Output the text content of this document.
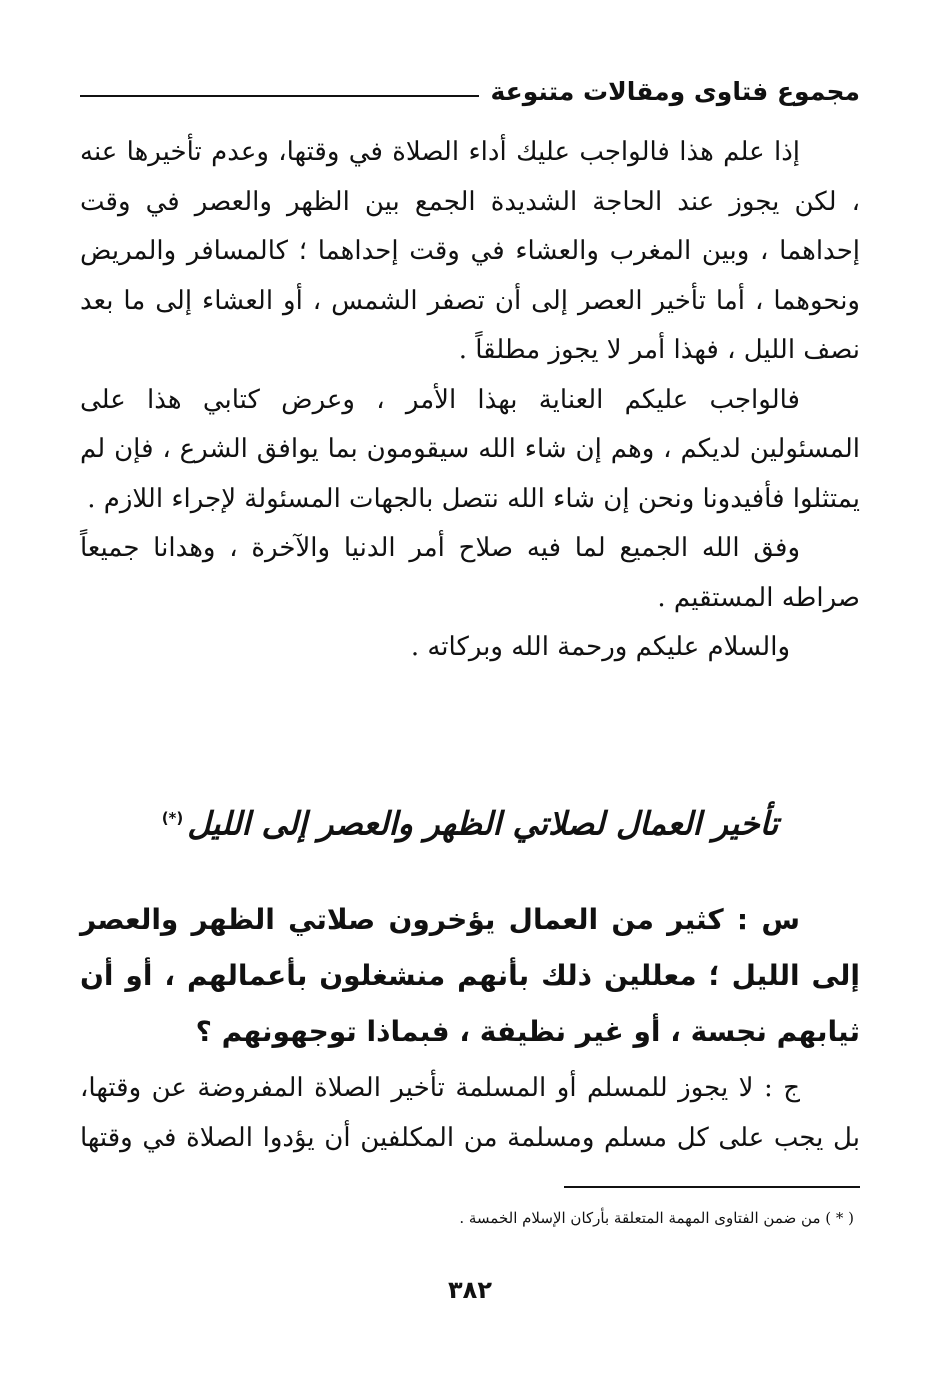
مجموع فتاوى ومقالات متنوعة

إذا علم هذا فالواجب عليك أداء الصلاة في وقتها، وعدم تأخيرها عنه ، لكن يجوز عند الحاجة الشديدة الجمع بين الظهر والعصر في وقت إحداهما ، وبين المغرب والعشاء في وقت إحداهما ؛ كالمسافر والمريض ونحوهما ، أما تأخير العصر إلى أن تصفر الشمس ، أو العشاء إلى ما بعد نصف الليل ، فهذا أمر لا يجوز مطلقاً .

فالواجب عليكم العناية بهذا الأمر ، وعرض كتابي هذا على المسئولين لديكم ، وهم إن شاء الله سيقومون بما يوافق الشرع ، فإن لم يمتثلوا فأفيدونا ونحن إن شاء الله نتصل بالجهات المسئولة لإجراء اللازم .

وفق الله الجميع لما فيه صلاح أمر الدنيا والآخرة ، وهدانا جميعاً صراطه المستقيم .

والسلام عليكم ورحمة الله وبركاته .

تأخير العمال لصلاتي الظهر والعصر إلى الليل(*)

س : كثير من العمال يؤخرون صلاتي الظهر والعصر إلى الليل ؛ معللين ذلك بأنهم منشغلون بأعمالهم ، أو أن ثيابهم نجسة ، أو غير نظيفة ، فبماذا توجهونهم ؟

ج : لا يجوز للمسلم أو المسلمة تأخير الصلاة المفروضة عن وقتها، بل يجب على كل مسلم ومسلمة من المكلفين أن يؤدوا الصلاة في وقتها

( * ) من ضمن الفتاوى المهمة المتعلقة بأركان الإسلام الخمسة .
٣٨٢
